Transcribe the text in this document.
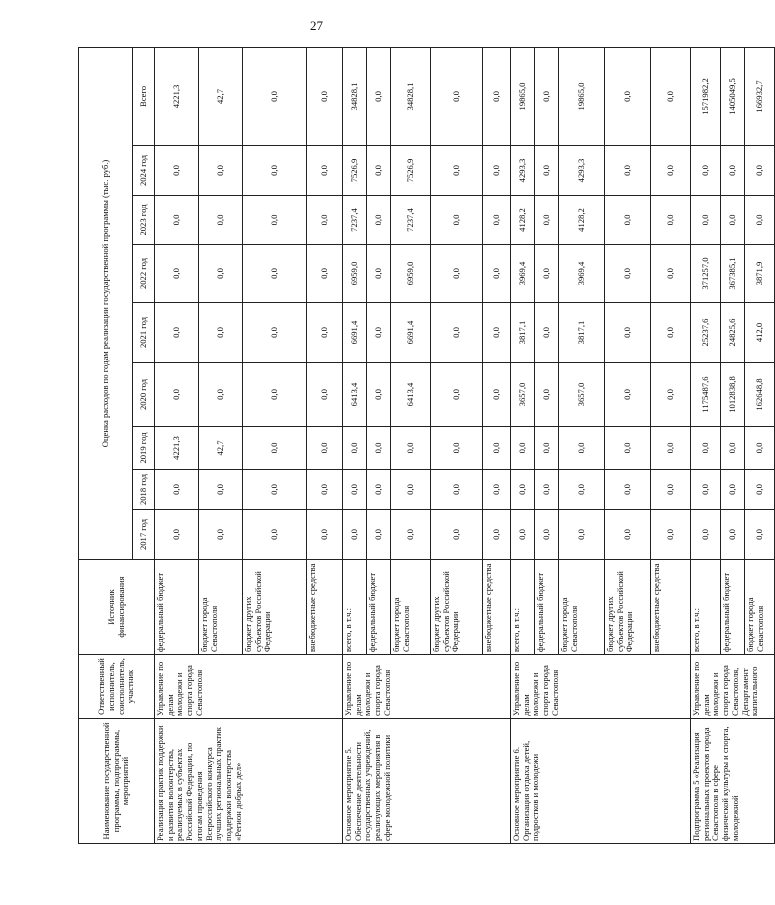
27
Наименование государственной программы, подпрограммы, мероприятий	Ответственный исполнитель, соисполнитель, участник	Источник финансирования	Оценка расходов по годам реализации государственной программы (тыс. руб.)								
			2017 год	2018 год	2019 год	2020 год	2021 год	2022 год	2023 год	2024 год	Всего
Реализация практик поддержки и развития волонтерства, реализуемых в субъектах Российской Федерации, по итогам проведения Всероссийского конкурса лучших региональных практик поддержки волонтерства «Регион добрых дел»	Управление по делам молодежи и спорта города Севастополя	федеральный бюджет	0,0	0,0	4221,3	0,0	0,0	0,0	0,0	0,0	4221,3
		бюджет города Севастополя	0,0	0,0	42,7	0,0	0,0	0,0	0,0	0,0	42,7
		бюджет других субъектов Российской Федерации	0,0	0,0	0,0	0,0	0,0	0,0	0,0	0,0	0,0
		внебюджетные средства	0,0	0,0	0,0	0,0	0,0	0,0	0,0	0,0	0,0
Основное мероприятие 5. Обеспечение деятельности государственных учреждений, реализующих мероприятия в сфере молодежной политики	Управление по делам молодежи и спорта города Севастополя	всего, в т.ч.:	0,0	0,0	0,0	6413,4	6691,4	6959,0	7237,4	7526,9	34828,1
		федеральный бюджет	0,0	0,0	0,0	0,0	0,0	0,0	0,0	0,0	0,0
		бюджет города Севастополя	0,0	0,0	0,0	6413,4	6691,4	6959,0	7237,4	7526,9	34828,1
		бюджет других субъектов Российской Федерации	0,0	0,0	0,0	0,0	0,0	0,0	0,0	0,0	0,0
		внебюджетные средства	0,0	0,0	0,0	0,0	0,0	0,0	0,0	0,0	0,0
Основное мероприятие 6. Организация отдыха детей, подростков и молодежи	Управление по делам молодежи и спорта города Севастополя	всего, в т.ч.:	0,0	0,0	0,0	3657,0	3817,1	3969,4	4128,2	4293,3	19865,0
		федеральный бюджет	0,0	0,0	0,0	0,0	0,0	0,0	0,0	0,0	0,0
		бюджет города Севастополя	0,0	0,0	0,0	3657,0	3817,1	3969,4	4128,2	4293,3	19865,0
		бюджет других субъектов Российской Федерации	0,0	0,0	0,0	0,0	0,0	0,0	0,0	0,0	0,0
		внебюджетные средства	0,0	0,0	0,0	0,0	0,0	0,0	0,0	0,0	0,0
Подпрограмма 5 «Реализация региональных проектов города Севастополя в сфере физической культуры и спорта, молодежной	Управление по делам молодежи и спорта города Севастополя, Департамент капитального	всего, в т.ч.:	0,0	0,0	0,0	1175487,6	25237,6	371257,0	0,0	0,0	1571982,2
		федеральный бюджет	0,0	0,0	0,0	1012838,8	24825,6	367385,1	0,0	0,0	1405049,5
		бюджет города Севастополя	0,0	0,0	0,0	162648,8	412,0	3871,9	0,0	0,0	166932,7
